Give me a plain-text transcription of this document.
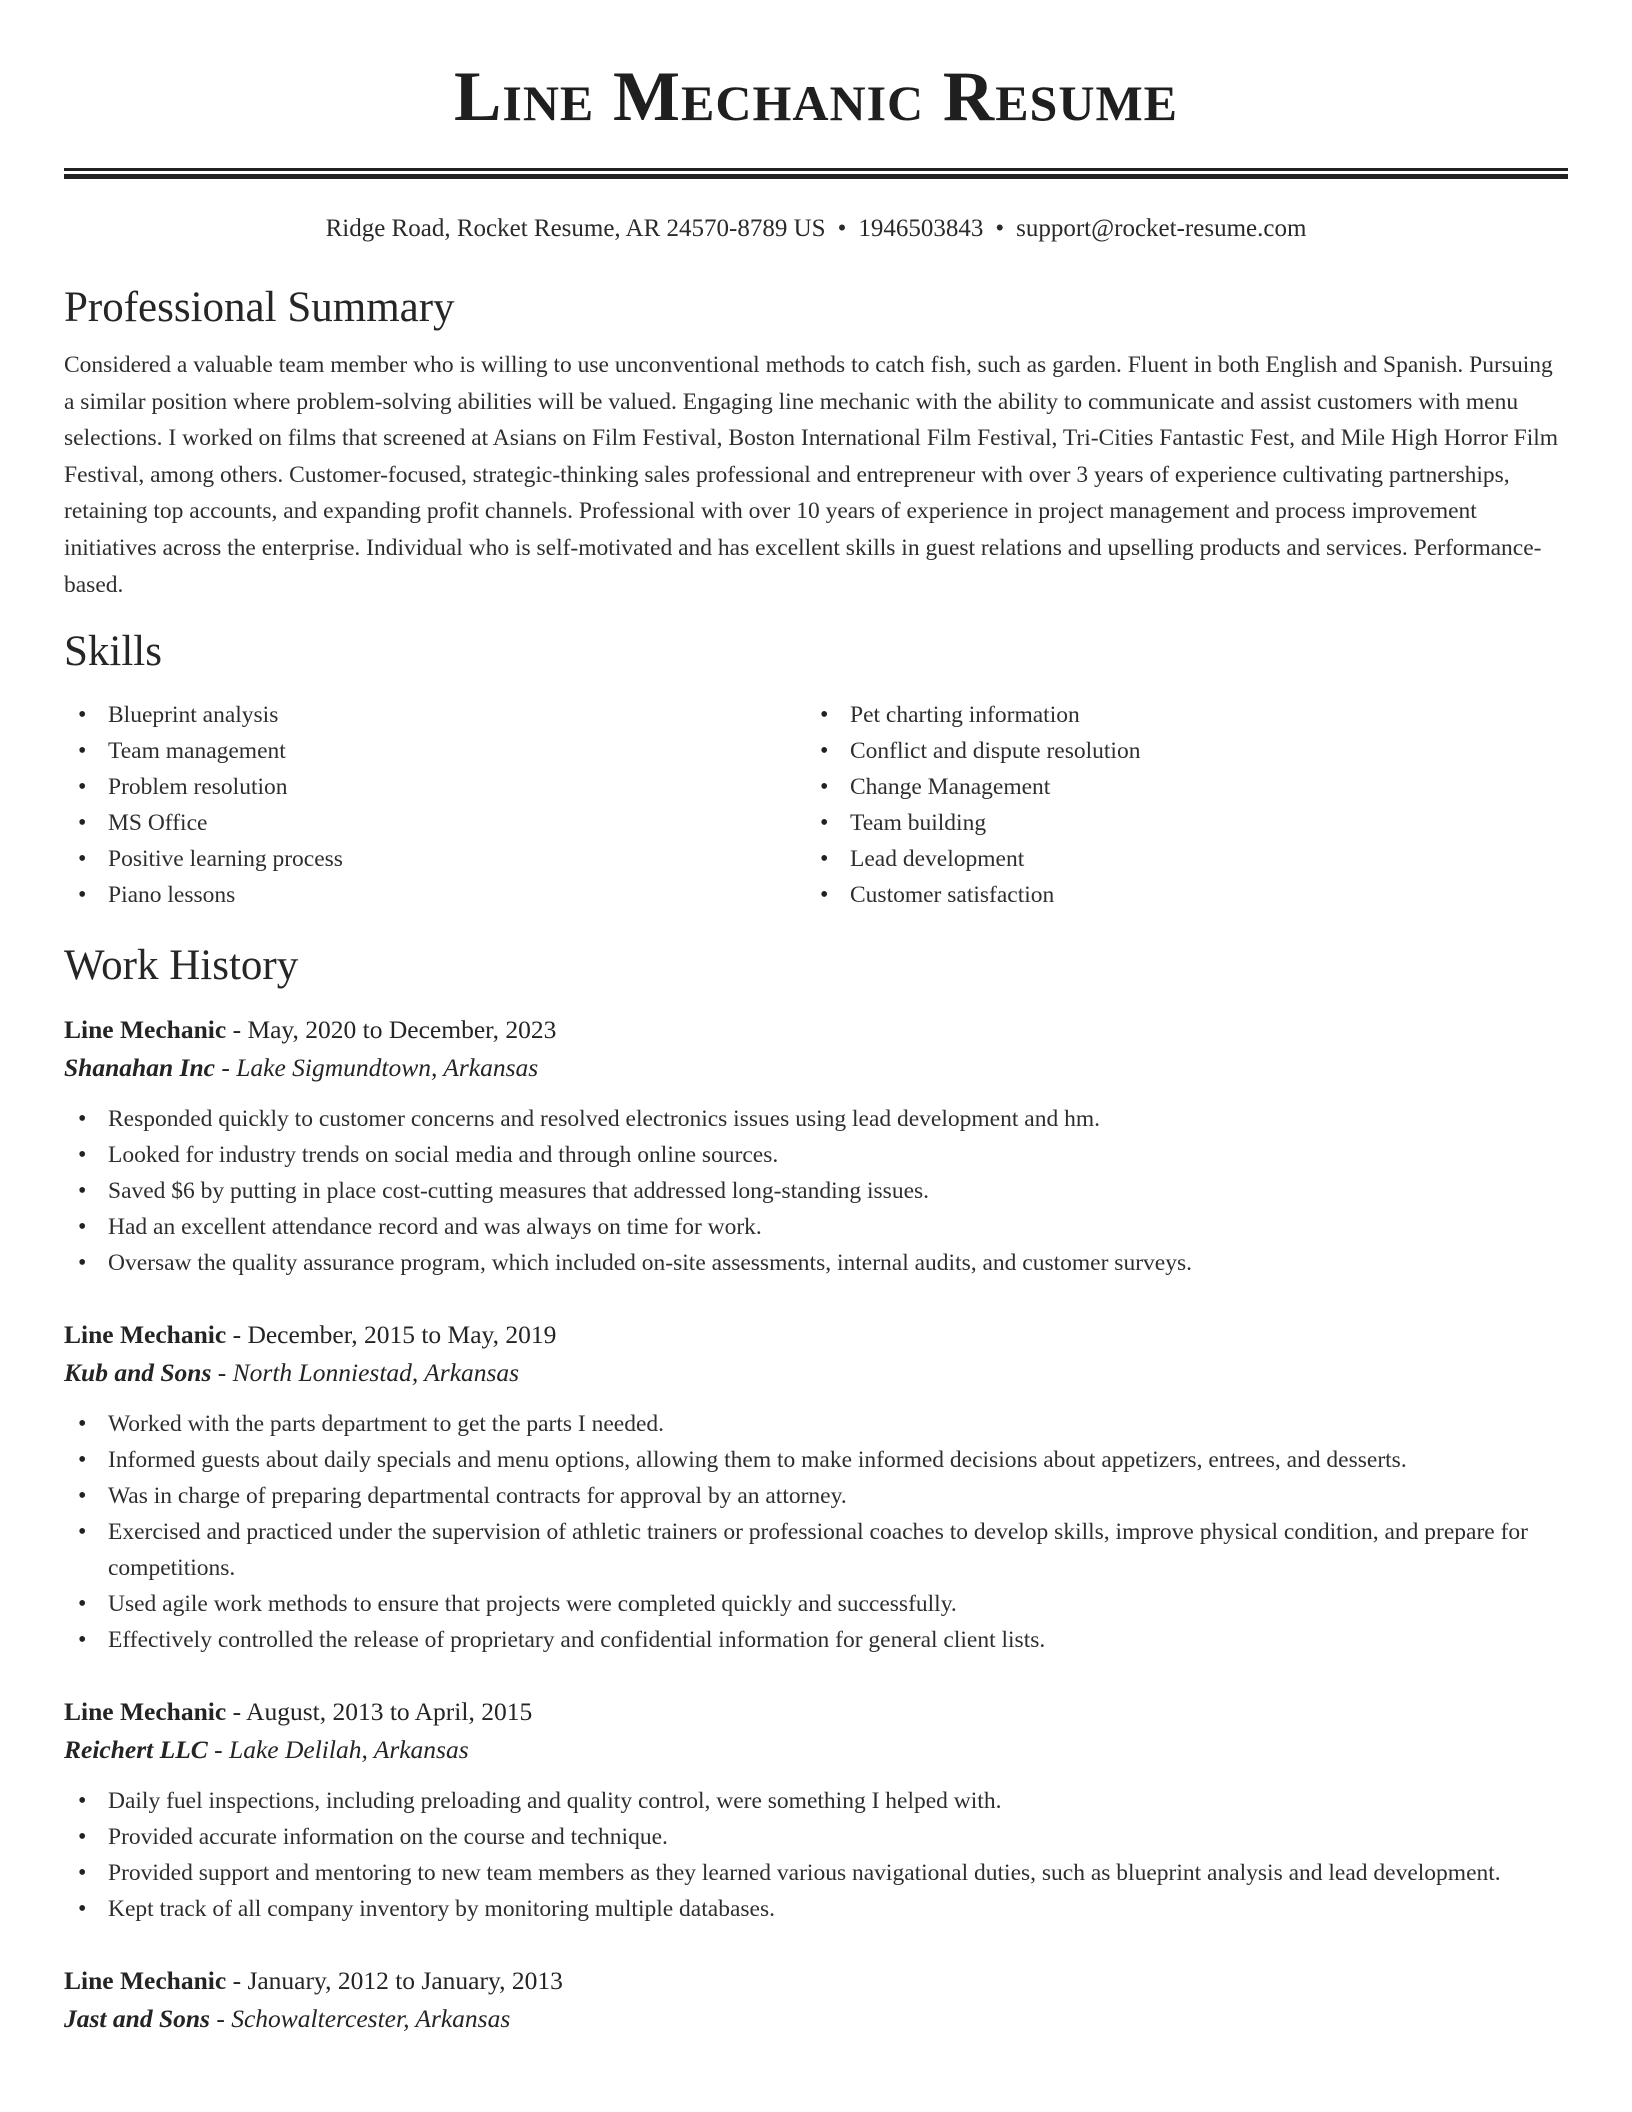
Line Mechanic Resume
Ridge Road, Rocket Resume, AR 24570-8789 US • 1946503843 • support@rocket-resume.com
Professional Summary

Considered a valuable team member who is willing to use unconventional methods to catch fish, such as garden. Fluent in both English and Spanish. Pursuing a similar position where problem-solving abilities will be valued. Engaging line mechanic with the ability to communicate and assist customers with menu selections. I worked on films that screened at Asians on Film Festival, Boston International Film Festival, Tri-Cities Fantastic Fest, and Mile High Horror Film Festival, among others. Customer-focused, strategic-thinking sales professional and entrepreneur with over 3 years of experience cultivating partnerships, retaining top accounts, and expanding profit channels. Professional with over 10 years of experience in project management and process improvement initiatives across the enterprise. Individual who is self-motivated and has excellent skills in guest relations and upselling products and services. Performance-based.

Skills
• Blueprint analysis
• Team management
• Problem resolution
• MS Office
• Positive learning process
• Piano lessons
• Pet charting information
• Conflict and dispute resolution
• Change Management
• Team building
• Lead development
• Customer satisfaction
Work History
Line Mechanic - May, 2020 to December, 2023
Shanahan Inc - Lake Sigmundtown, Arkansas
• Responded quickly to customer concerns and resolved electronics issues using lead development and hm.
• Looked for industry trends on social media and through online sources.
• Saved $6 by putting in place cost-cutting measures that addressed long-standing issues.
• Had an excellent attendance record and was always on time for work.
• Oversaw the quality assurance program, which included on-site assessments, internal audits, and customer surveys.
Line Mechanic - December, 2015 to May, 2019
Kub and Sons - North Lonniestad, Arkansas
• Worked with the parts department to get the parts I needed.
• Informed guests about daily specials and menu options, allowing them to make informed decisions about appetizers, entrees, and desserts.
• Was in charge of preparing departmental contracts for approval by an attorney.
• Exercised and practiced under the supervision of athletic trainers or professional coaches to develop skills, improve physical condition, and prepare for competitions.
• Used agile work methods to ensure that projects were completed quickly and successfully.
• Effectively controlled the release of proprietary and confidential information for general client lists.
Line Mechanic - August, 2013 to April, 2015
Reichert LLC - Lake Delilah, Arkansas
• Daily fuel inspections, including preloading and quality control, were something I helped with.
• Provided accurate information on the course and technique.
• Provided support and mentoring to new team members as they learned various navigational duties, such as blueprint analysis and lead development.
• Kept track of all company inventory by monitoring multiple databases.
Line Mechanic - January, 2012 to January, 2013
Jast and Sons - Schowaltercester, Arkansas
